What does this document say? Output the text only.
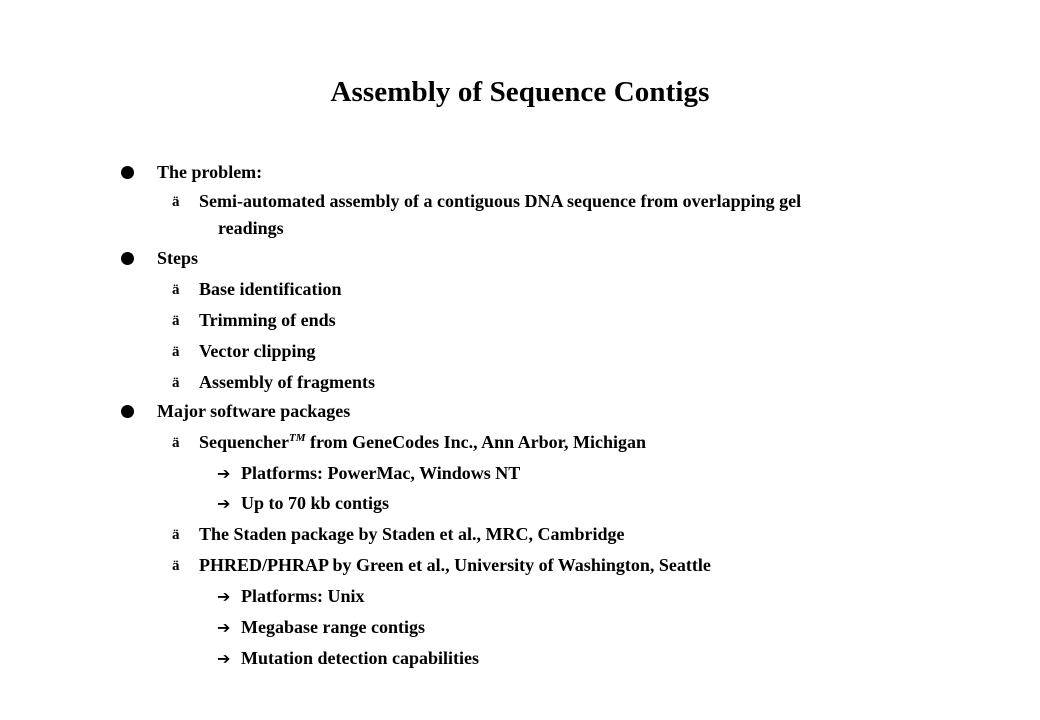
Assembly of Sequence Contigs
The problem:
ä Semi-automated assembly of a contiguous DNA sequence from overlapping gel
readings
Steps
ä Base identification
ä Trimming of ends
ä Vector clipping
ä Assembly of fragments
Major software packages
ä Sequencher™ from GeneCodes Inc., Ann Arbor, Michigan
➔ Platforms: PowerMac, Windows NT
➔ Up to 70 kb contigs
ä The Staden package by Staden et al., MRC, Cambridge
ä PHRED/PHRAP by Green et al., University of Washington, Seattle
➔ Platforms: Unix
➔ Megabase range contigs
➔ Mutation detection capabilities
